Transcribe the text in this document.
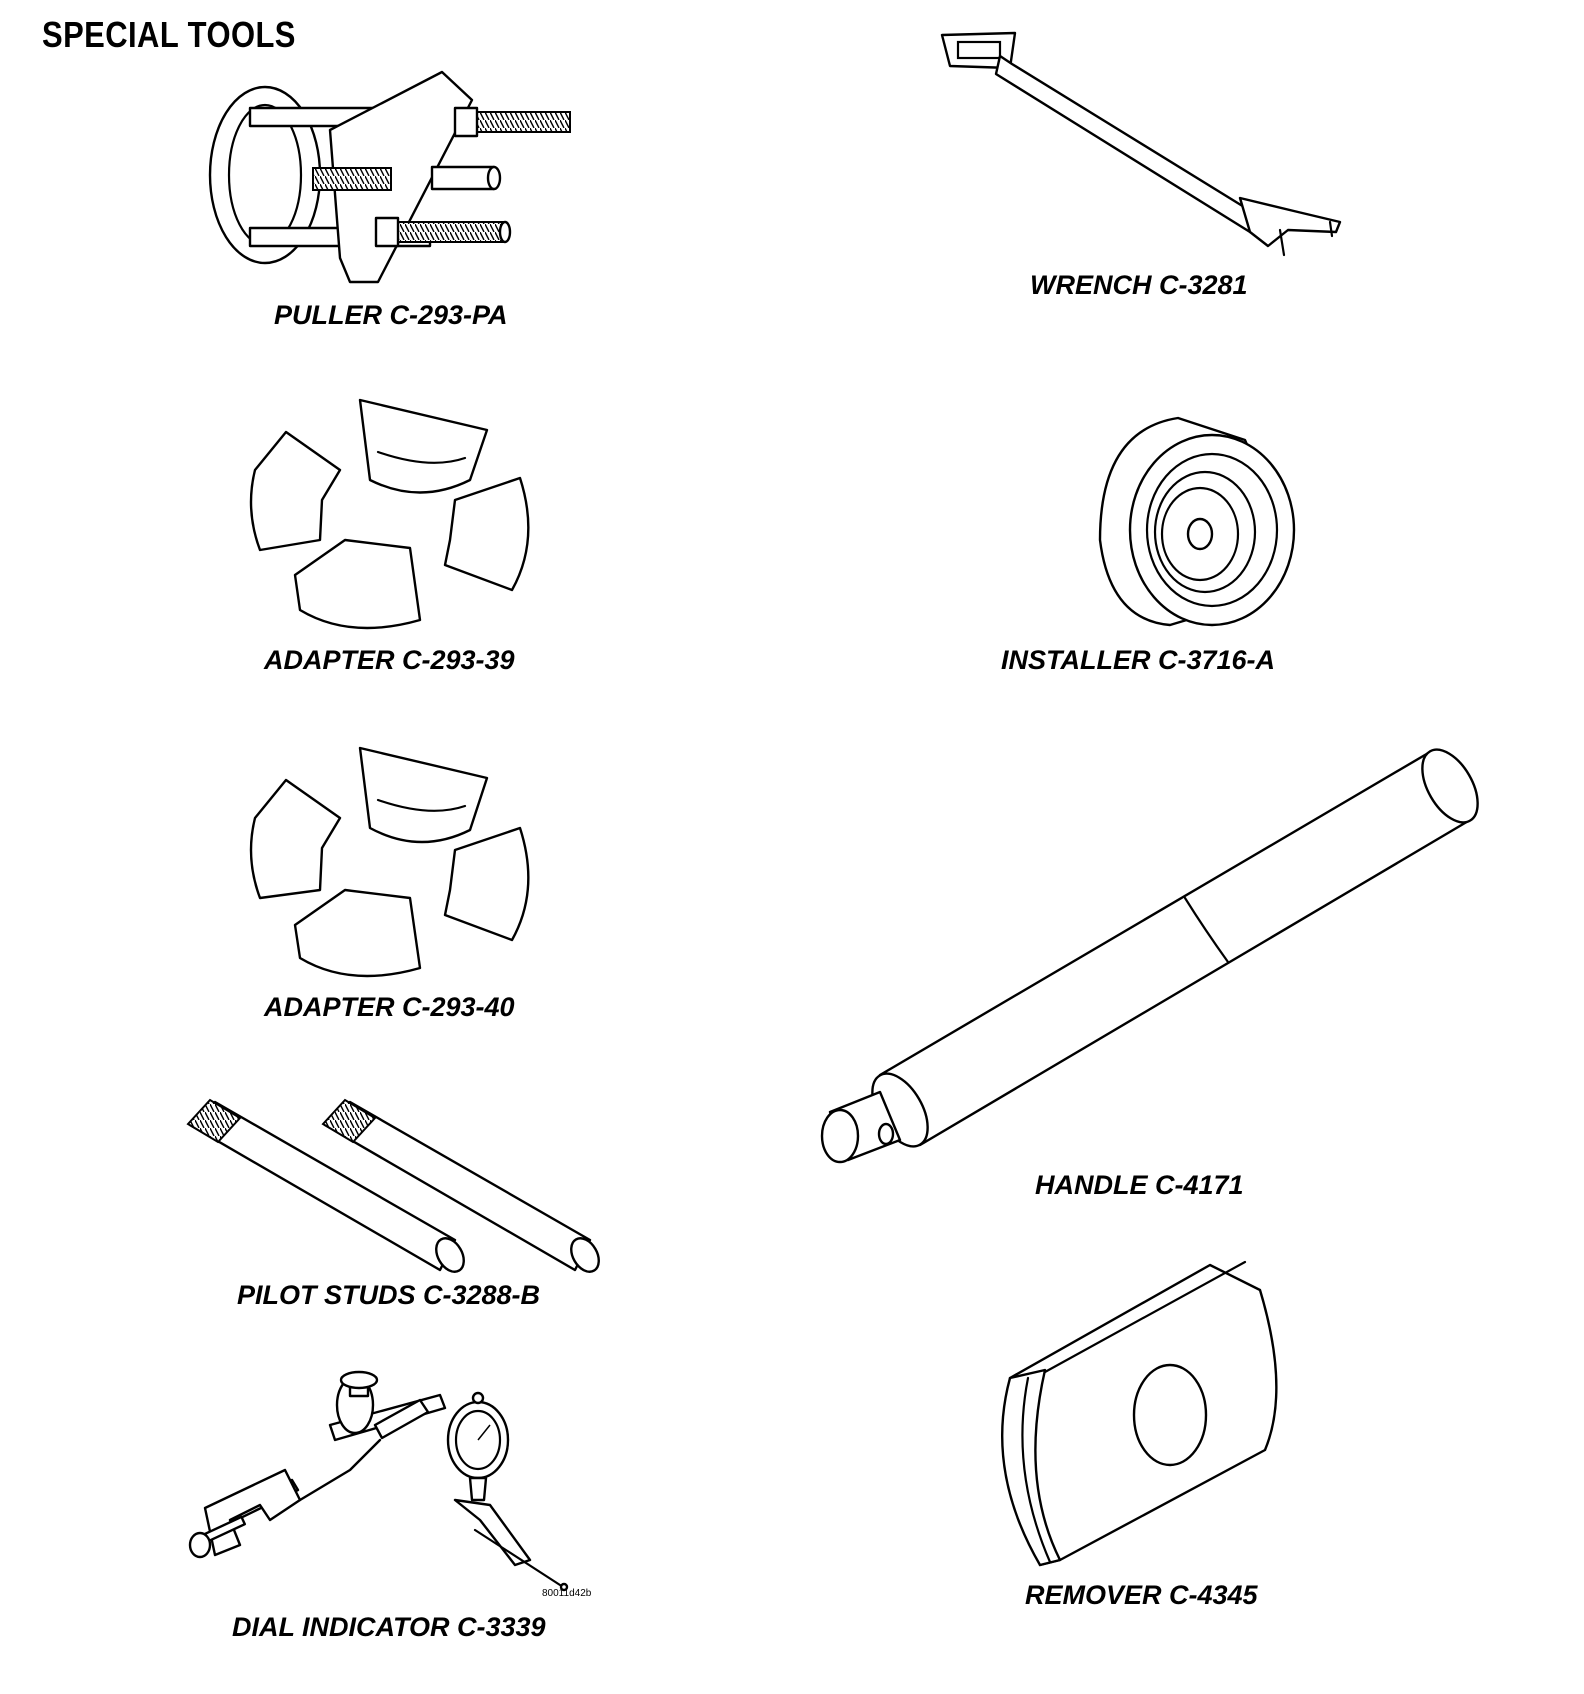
SPECIAL TOOLS
PULLER C-293-PA
WRENCH C-3281
ADAPTER C-293-39	INSTALLER C-3716-A
ADAPTER C-293-40
HANDLE C-4171
PILOT STUDS C-3288-B
80011d42b
DIAL INDICATOR C-3339
REMOVER C-4345
